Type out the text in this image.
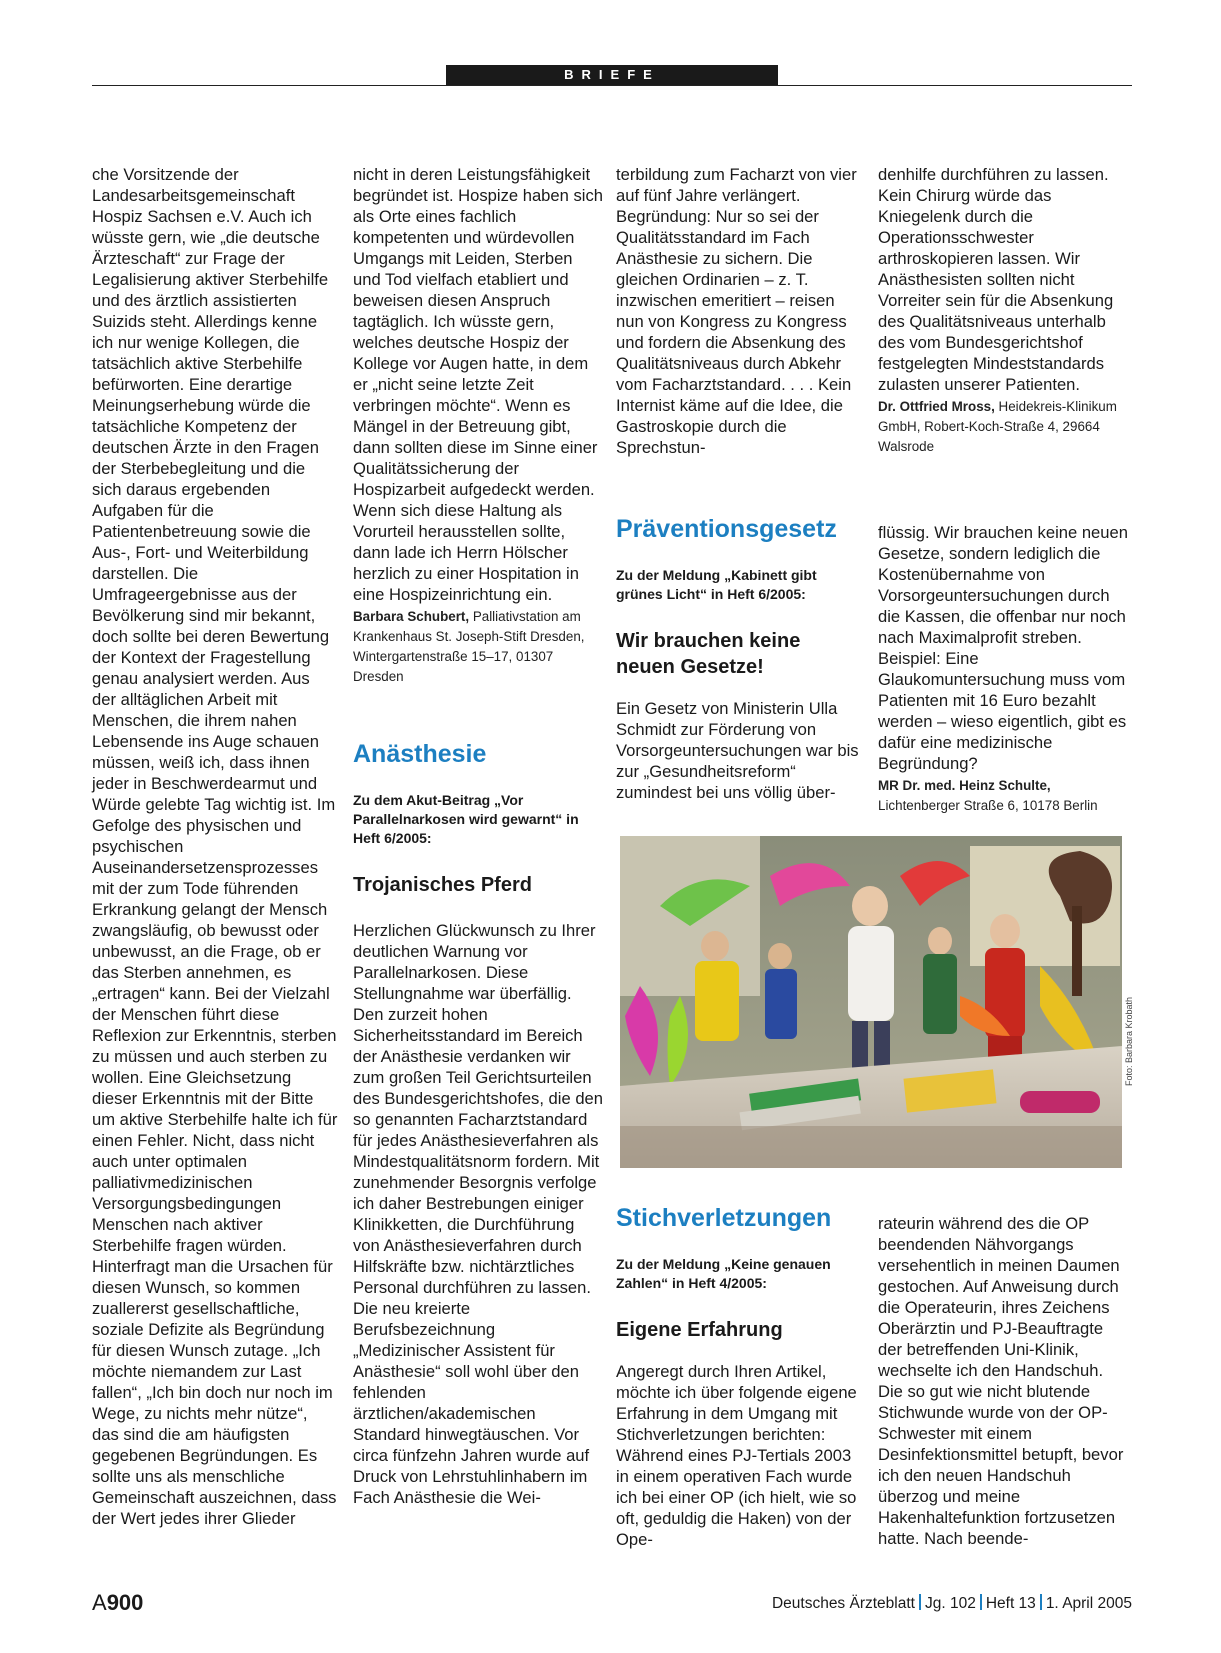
BRIEFE

che Vorsitzende der Landesarbeitsgemeinschaft Hospiz Sachsen e.V. Auch ich wüsste gern, wie „die deutsche Ärzteschaft“ zur Frage der Legalisierung aktiver Sterbehilfe und des ärztlich assistierten Suizids steht. Allerdings kenne ich nur wenige Kollegen, die tatsächlich aktive Sterbehilfe befürworten. Eine derartige Meinungserhebung würde die tatsächliche Kompetenz der deutschen Ärzte in den Fragen der Sterbebegleitung und die sich daraus ergebenden Aufgaben für die Patientenbetreuung sowie die Aus-, Fort- und Weiterbildung darstellen. Die Umfrageergebnisse aus der Bevölkerung sind mir bekannt, doch sollte bei deren Bewertung der Kontext der Fragestellung genau analysiert werden. Aus der alltäglichen Arbeit mit Menschen, die ihrem nahen Lebensende ins Auge schauen müssen, weiß ich, dass ihnen jeder in Beschwerdearmut und Würde gelebte Tag wichtig ist. Im Gefolge des physischen und psychischen Auseinandersetzensprozesses mit der zum Tode führenden Erkrankung gelangt der Mensch zwangsläufig, ob bewusst oder unbewusst, an die Frage, ob er das Sterben annehmen, es „ertragen“ kann. Bei der Vielzahl der Menschen führt diese Reflexion zur Erkenntnis, sterben zu müssen und auch sterben zu wollen. Eine Gleichsetzung dieser Erkenntnis mit der Bitte um aktive Sterbehilfe halte ich für einen Fehler. Nicht, dass nicht auch unter optimalen palliativmedizinischen Versorgungsbedingungen Menschen nach aktiver Sterbehilfe fragen würden. Hinterfragt man die Ursachen für diesen Wunsch, so kommen zuallererst gesellschaftliche, soziale Defizite als Begründung für diesen Wunsch zutage. „Ich möchte niemandem zur Last fallen“, „Ich bin doch nur noch im Wege, zu nichts mehr nütze“, das sind die am häufigsten gegebenen Begründungen. Es sollte uns als menschliche Gemeinschaft auszeichnen, dass der Wert jedes ihrer Glieder

nicht in deren Leistungsfähigkeit begründet ist. Hospize haben sich als Orte eines fachlich kompetenten und würdevollen Umgangs mit Leiden, Sterben und Tod vielfach etabliert und beweisen diesen Anspruch tagtäglich. Ich wüsste gern, welches deutsche Hospiz der Kollege vor Augen hatte, in dem er „nicht seine letzte Zeit verbringen möchte“. Wenn es Mängel in der Betreuung gibt, dann sollten diese im Sinne einer Qualitätssicherung der Hospizarbeit aufgedeckt werden. Wenn sich diese Haltung als Vorurteil herausstellen sollte, dann lade ich Herrn Hölscher herzlich zu einer Hospitation in eine Hospizeinrichtung ein.

Barbara Schubert, Palliativstation am Krankenhaus St. Joseph-Stift Dresden, Wintergartenstraße 15–17, 01307 Dresden

Anästhesie

Zu dem Akut-Beitrag „Vor Parallelnarkosen wird gewarnt“ in Heft 6/2005:

Trojanisches Pferd

Herzlichen Glückwunsch zu Ihrer deutlichen Warnung vor Parallelnarkosen. Diese Stellungnahme war überfällig. Den zurzeit hohen Sicherheitsstandard im Bereich der Anästhesie verdanken wir zum großen Teil Gerichtsurteilen des Bundesgerichtshofes, die den so genannten Facharztstandard für jedes Anästhesieverfahren als Mindestqualitätsnorm fordern. Mit zunehmender Besorgnis verfolge ich daher Bestrebungen einiger Klinikketten, die Durchführung von Anästhesieverfahren durch Hilfskräfte bzw. nichtärztliches Personal durchführen zu lassen. Die neu kreierte Berufsbezeichnung „Medizinischer Assistent für Anästhesie“ soll wohl über den fehlenden ärztlichen/akademischen Standard hinwegtäuschen. Vor circa fünfzehn Jahren wurde auf Druck von Lehrstuhlinhabern im Fach Anästhesie die Wei-

terbildung zum Facharzt von vier auf fünf Jahre verlängert. Begründung: Nur so sei der Qualitätsstandard im Fach Anästhesie zu sichern. Die gleichen Ordinarien – z. T. inzwischen emeritiert – reisen nun von Kongress zu Kongress und fordern die Absenkung des Qualitätsniveaus durch Abkehr vom Facharztstandard. . . . Kein Internist käme auf die Idee, die Gastroskopie durch die Sprechstun-

Präventionsgesetz

Zu der Meldung „Kabinett gibt grünes Licht“ in Heft 6/2005:

Wir brauchen keine neuen Gesetze!

Ein Gesetz von Ministerin Ulla Schmidt zur Förderung von Vorsorgeuntersuchungen war bis zur „Gesundheitsreform“ zumindest bei uns völlig über-

Stichverletzungen

Zu der Meldung „Keine genauen Zahlen“ in Heft 4/2005:

Eigene Erfahrung

Angeregt durch Ihren Artikel, möchte ich über folgende eigene Erfahrung in dem Umgang mit Stichverletzungen berichten: Während eines PJ-Tertials 2003 in einem operativen Fach wurde ich bei einer OP (ich hielt, wie so oft, geduldig die Haken) von der Ope-

denhilfe durchführen zu lassen. Kein Chirurg würde das Kniegelenk durch die Operationsschwester arthroskopieren lassen. Wir Anästhesisten sollten nicht Vorreiter sein für die Absenkung des Qualitätsniveaus unterhalb des vom Bundesgerichtshof festgelegten Mindeststandards zulasten unserer Patienten.

Dr. Ottfried Mross, Heidekreis-Klinikum GmbH, Robert-Koch-Straße 4, 29664 Walsrode

flüssig. Wir brauchen keine neuen Gesetze, sondern lediglich die Kostenübernahme von Vorsorgeuntersuchungen durch die Kassen, die offenbar nur noch nach Maximalprofit streben. Beispiel: Eine Glaukomuntersuchung muss vom Patienten mit 16 Euro bezahlt werden – wieso eigentlich, gibt es dafür eine medizinische Begründung?

MR Dr. med. Heinz Schulte, Lichtenberger Straße 6, 10178 Berlin

rateurin während des die OP beendenden Nähvorgangs versehentlich in meinen Daumen gestochen. Auf Anweisung durch die Operateurin, ihres Zeichens Oberärztin und PJ-Beauftragte der betreffenden Uni-Klinik, wechselte ich den Handschuh. Die so gut wie nicht blutende Stichwunde wurde von der OP-Schwester mit einem Desinfektionsmittel betupft, bevor ich den neuen Handschuh überzog und meine Hakenhaltefunktion fortzusetzen hatte. Nach beende-

Foto: Barbara Krobath
A900	Deutsches Ärzteblatt Jg. 102 Heft 13 1. April 2005
